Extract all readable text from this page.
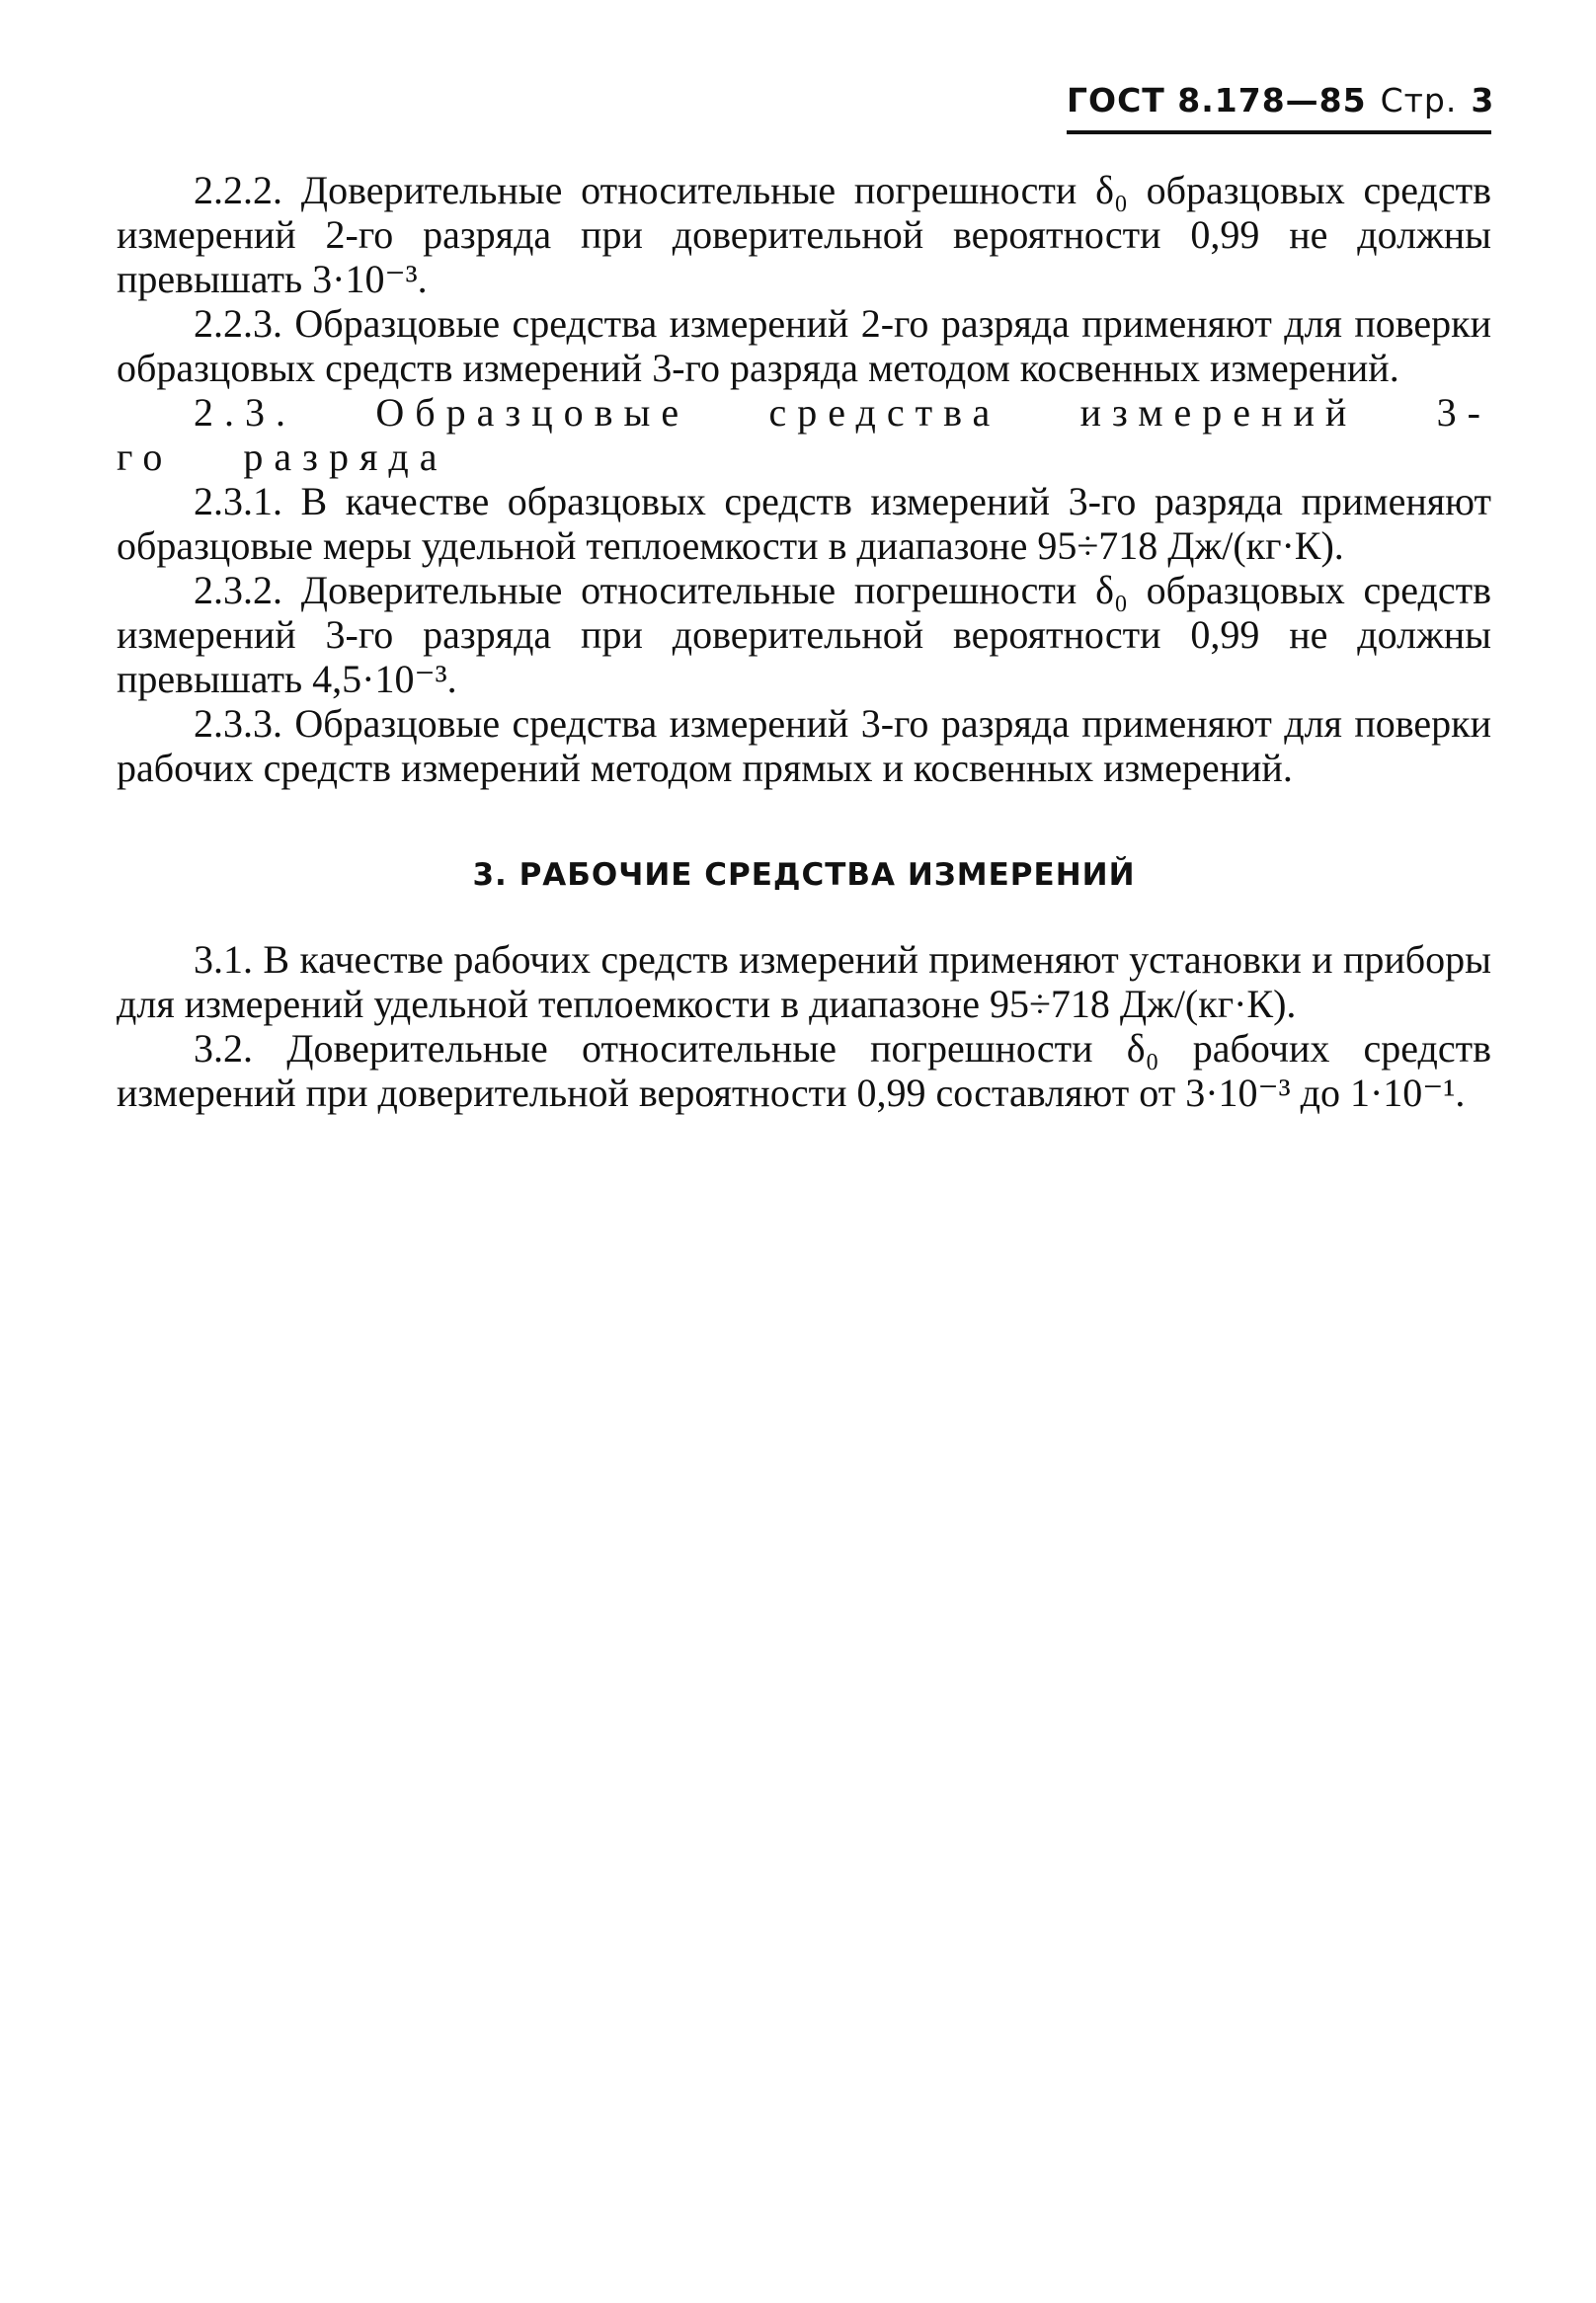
ГОСТ 8.178—85 Стр. 3

2.2.2. Доверительные относительные погрешности δ₀ образцовых средств измерений 2-го разряда при доверительной вероятности 0,99 не должны превышать 3·10⁻³.

2.2.3. Образцовые средства измерений 2-го разряда применяют для поверки образцовых средств измерений 3-го разряда методом косвенных измерений.

2.3. Образцовые средства измерений 3-го разряда

2.3.1. В качестве образцовых средств измерений 3-го разряда применяют образцовые меры удельной теплоемкости в диапазоне 95÷718 Дж/(кг·К).

2.3.2. Доверительные относительные погрешности δ₀ образцовых средств измерений 3-го разряда при доверительной вероятности 0,99 не должны превышать 4,5·10⁻³.

2.3.3. Образцовые средства измерений 3-го разряда применяют для поверки рабочих средств измерений методом прямых и косвенных измерений.

3. РАБОЧИЕ СРЕДСТВА ИЗМЕРЕНИЙ

3.1. В качестве рабочих средств измерений применяют установки и приборы для измерений удельной теплоемкости в диапазоне 95÷718 Дж/(кг·К).

3.2. Доверительные относительные погрешности δ₀ рабочих средств измерений при доверительной вероятности 0,99 составляют от 3·10⁻³ до 1·10⁻¹.
